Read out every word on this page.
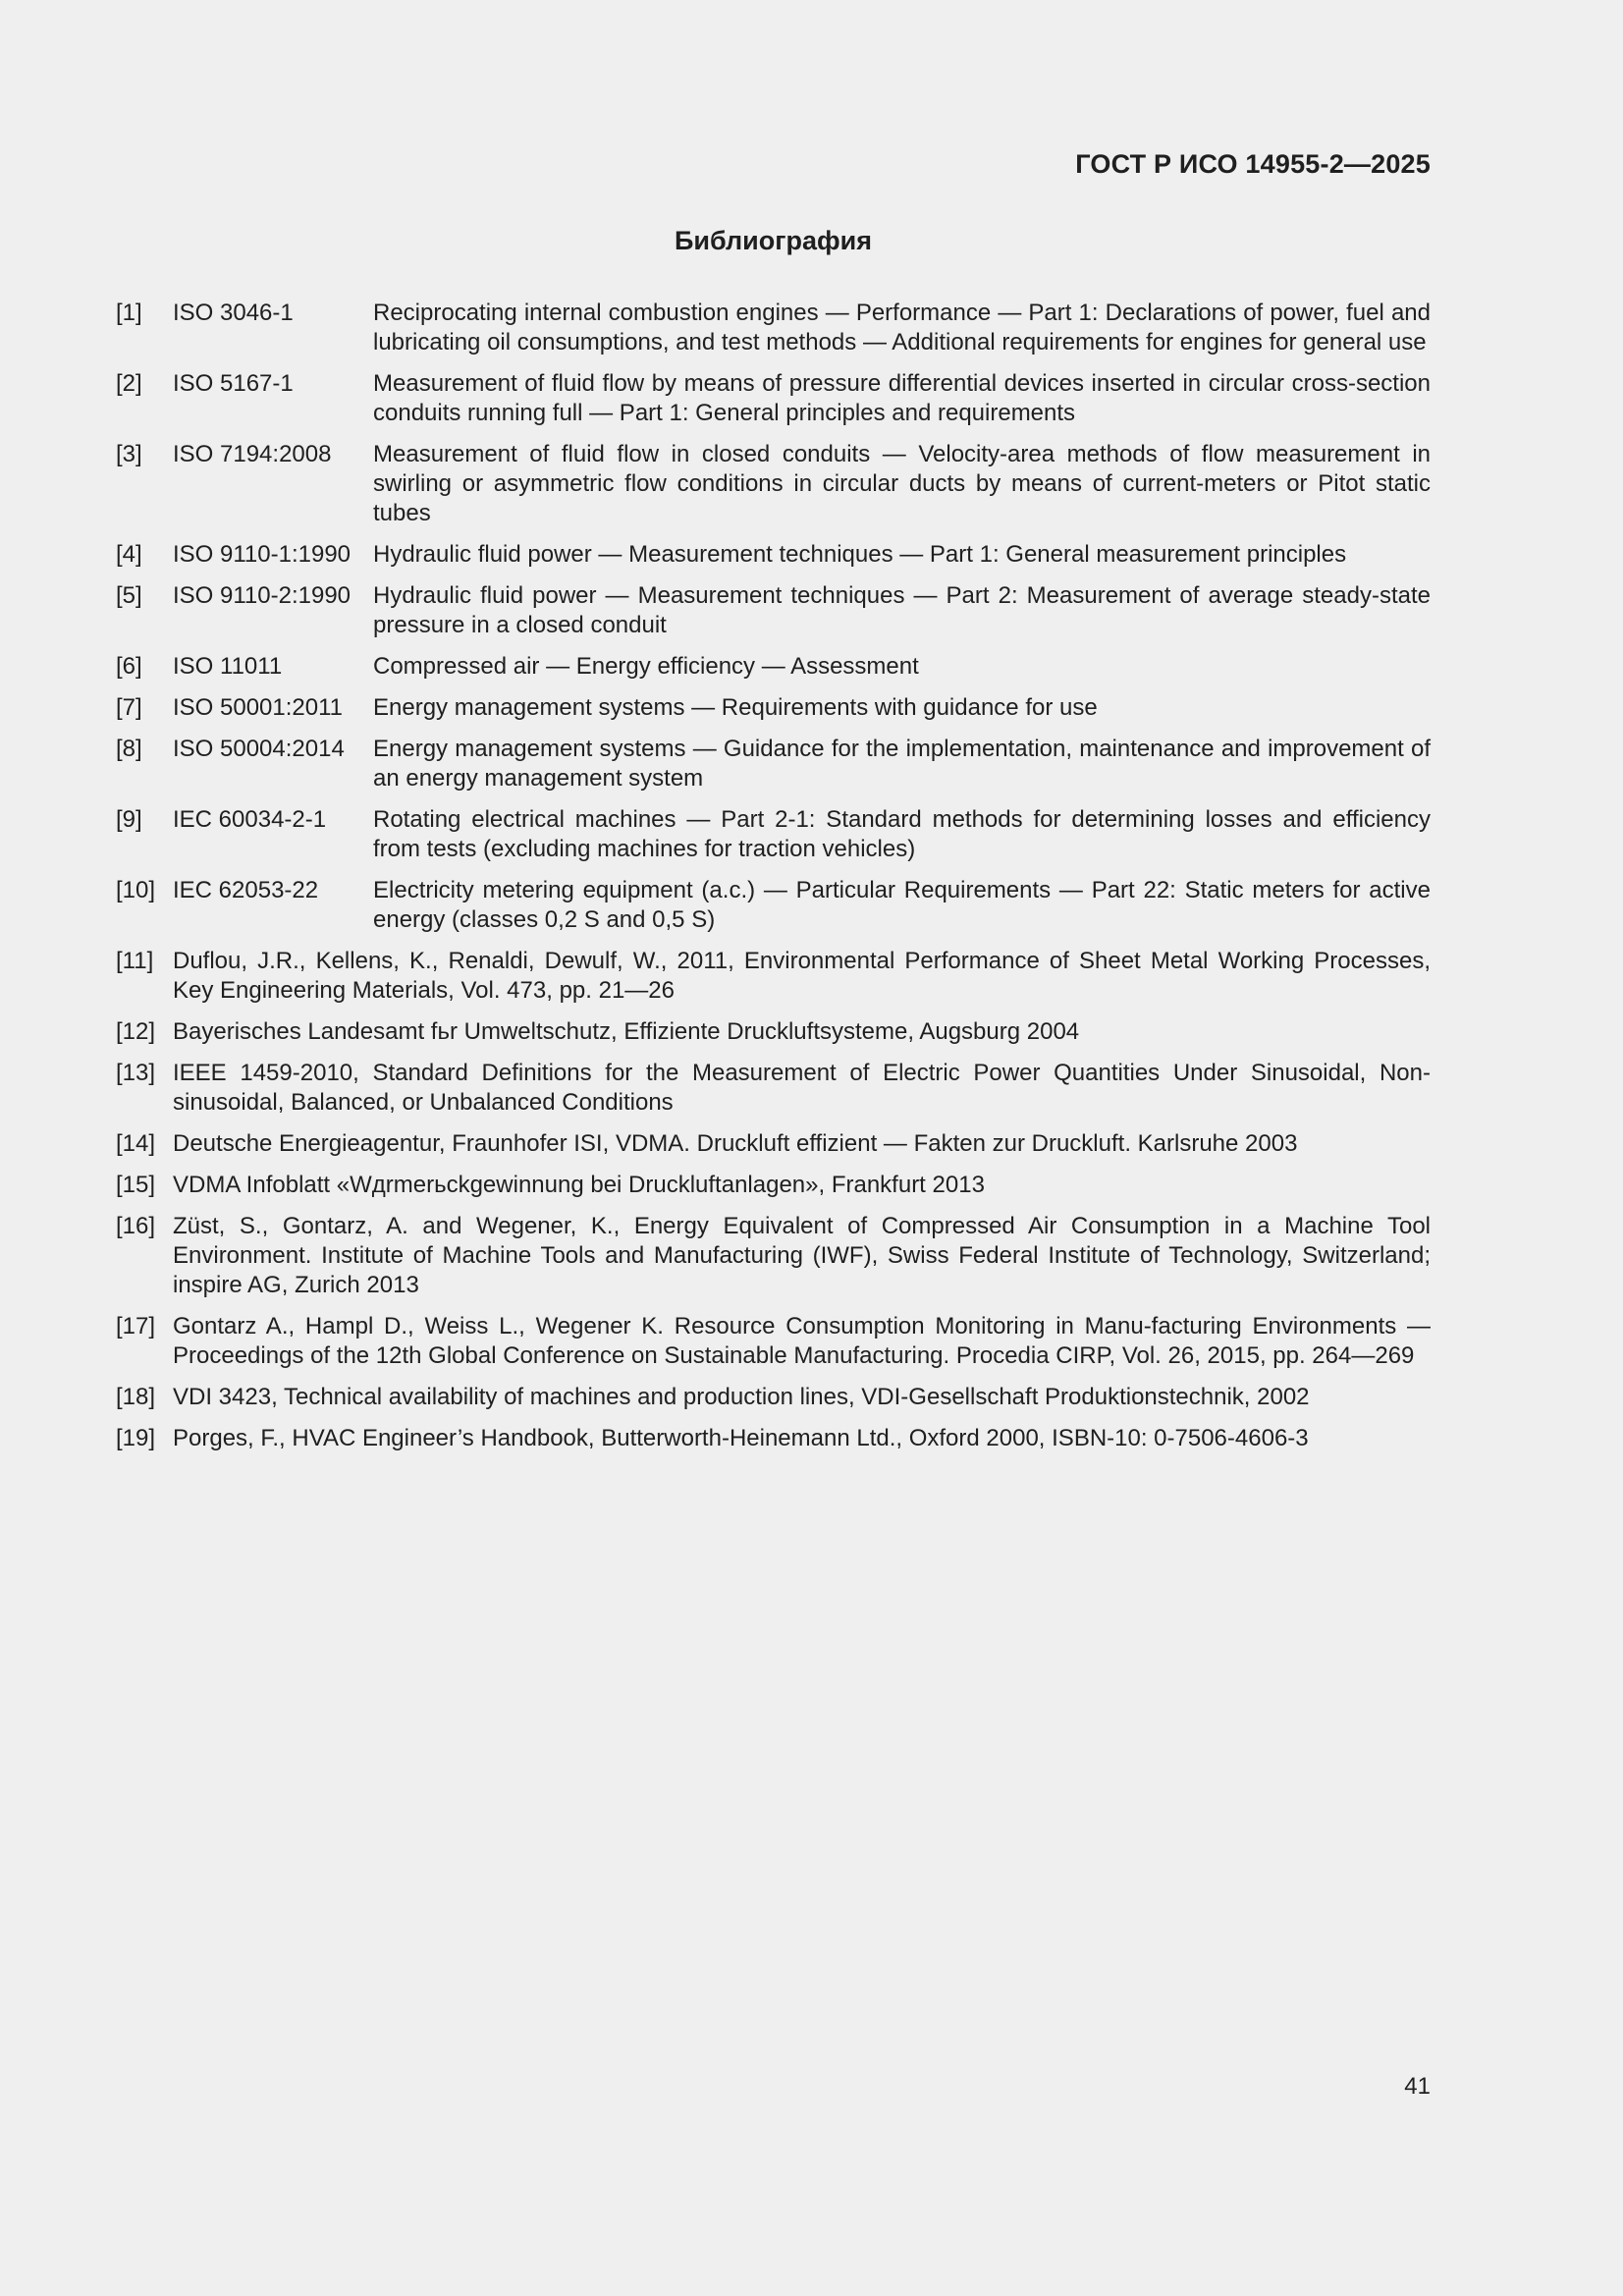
ГОСТ Р ИСО 14955-2—2025
Библиография
[1]	ISO 3046-1	Reciprocating internal combustion engines — Performance — Part 1: Declarations of power, fuel and lubricating oil consumptions, and test methods — Additional requirements for engines for general use
[2]	ISO 5167-1	Measurement of fluid flow by means of pressure differential devices inserted in circular cross-section conduits running full — Part 1: General principles and requirements
[3]	ISO 7194:2008	Measurement of fluid flow in closed conduits — Velocity-area methods of flow measurement in swirling or asymmetric flow conditions in circular ducts by means of current-meters or Pitot static tubes
[4]	ISO 9110-1:1990 Hydraulic fluid power — Measurement techniques — Part 1: General measurement principles
[5]	ISO 9110-2:1990 Hydraulic fluid power — Measurement techniques — Part 2: Measurement of average steady-state pressure in a closed conduit
[6]	ISO 11011	Compressed air — Energy efficiency — Assessment
[7]	ISO 50001:2011	Energy management systems — Requirements with guidance for use
[8]	ISO 50004:2014	Energy management systems — Guidance for the implementation, maintenance and improvement of an energy management system
[9]	IEC 60034-2-1	Rotating electrical machines — Part 2-1: Standard methods for determining losses and efficiency from tests (excluding machines for traction vehicles)
[10] IEC 62053-22	Electricity metering equipment (a.c.) — Particular Requirements — Part 22: Static meters for active energy (classes 0,2 S and 0,5 S)
[11] Duflou, J.R., Kellens, K., Renaldi, Dewulf, W., 2011, Environmental Performance of Sheet Metal Working Processes, Key Engineering Materials, Vol. 473, pp. 21—26
[12] Bayerisches Landesamt fьr Umweltschutz, Effiziente Druckluftsysteme, Augsburg 2004
[13] IEEE 1459-2010, Standard Definitions for the Measurement of Electric Power Quantities Under Sinusoidal, Non-sinusoidal, Balanced, or Unbalanced Conditions
[14] Deutsche Energieagentur, Fraunhofer ISI, VDMA. Druckluft effizient — Fakten zur Druckluft. Karlsruhe 2003
[15] VDMA Infoblatt «Wдrmerьckgewinnung bei Druckluftanlagen», Frankfurt 2013
[16] Züst, S., Gontarz, A. and Wegener, K., Energy Equivalent of Compressed Air Consumption in a Machine Tool Environment. Institute of Machine Tools and Manufacturing (IWF), Swiss Federal Institute of Technology, Switzerland; inspire AG, Zurich 2013
[17] Gontarz A., Hampl D., Weiss L., Wegener K. Resource Consumption Monitoring in Manu-facturing Environments — Proceedings of the 12th Global Conference on Sustainable Manufacturing. Procedia CIRP, Vol. 26, 2015, pp. 264—269
[18] VDI 3423, Technical availability of machines and production lines, VDI-Gesellschaft Produktionstechnik, 2002
[19] Porges, F., HVAC Engineer’s Handbook, Butterworth-Heinemann Ltd., Oxford 2000, ISBN-10: 0-7506-4606-3
41
